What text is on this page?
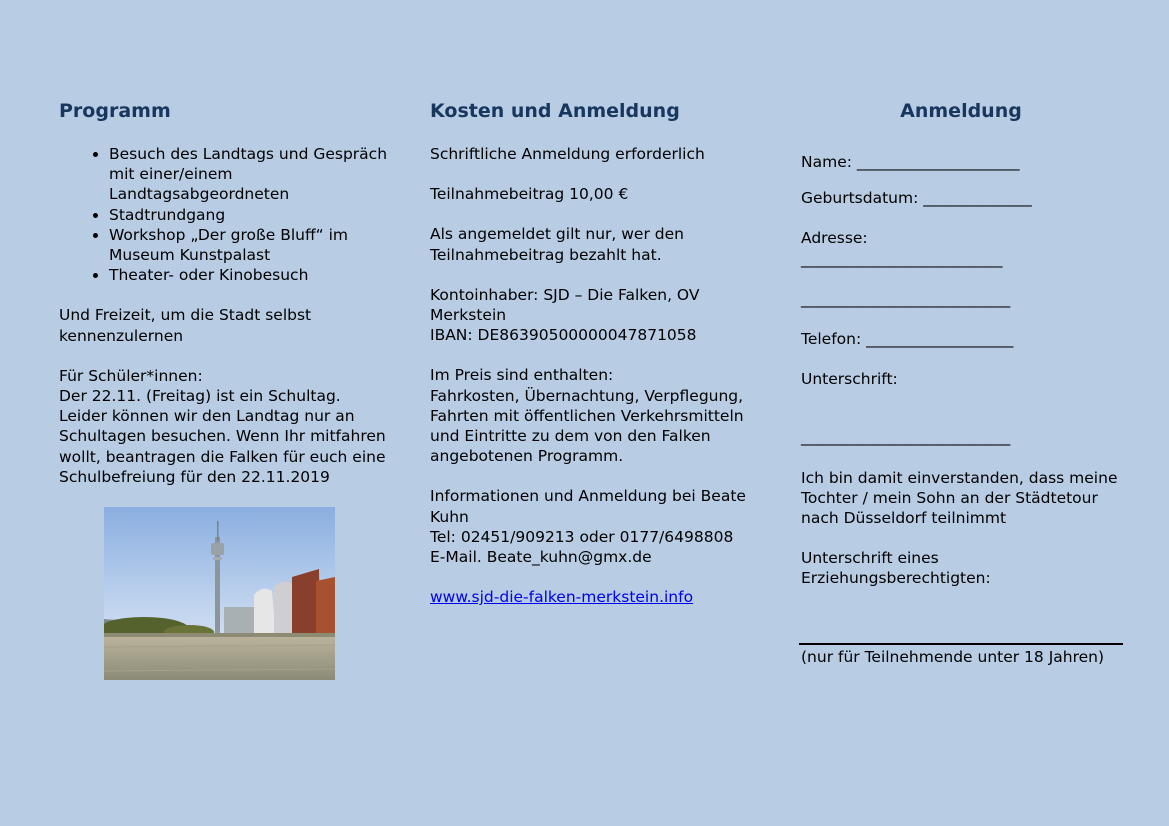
Programm
• Besuch des Landtags und Gespräch mit einer/einem Landtagsabgeordneten
• Stadtrundgang
• Workshop „Der große Bluff“ im Museum Kunstpalast
• Theater- oder Kinobesuch

Und Freizeit, um die Stadt selbst kennenzulernen

Für Schüler*innen:

Der 22.11. (Freitag) ist ein Schultag. Leider können wir den Landtag nur an Schultagen besuchen. Wenn Ihr mitfahren wollt, beantragen die Falken für euch eine Schulbefreiung für den 22.11.2019

Kosten und Anmeldung

Schriftliche Anmeldung erforderlich

Teilnahmebeitrag 10,00 €

Als angemeldet gilt nur, wer den Teilnahmebeitrag bezahlt hat.

Kontoinhaber: SJD – Die Falken, OV Merkstein

IBAN: DE86390500000047871058

Im Preis sind enthalten:

Fahrkosten, Übernachtung, Verpflegung, Fahrten mit öffentlichen Verkehrsmitteln und Eintritte zu dem von den Falken angebotenen Programm.

Informationen und Anmeldung bei Beate Kuhn
Tel: 02451/909213 oder 0177/6498808

E-Mail. Beate_kuhn@gmx.de

www.sjd-die-falken-merkstein.info
Anmeldung

Name: _____________________

Geburtsdatum: ______________

Adresse:

__________________________

___________________________

Telefon: ___________________

Unterschrift:

___________________________

Ich bin damit einverstanden, dass meine Tochter / mein Sohn an der Städtetour nach Düsseldorf teilnimmt

Unterschrift eines Erziehungsberechtigten:
(nur für Teilnehmende unter 18 Jahren)
